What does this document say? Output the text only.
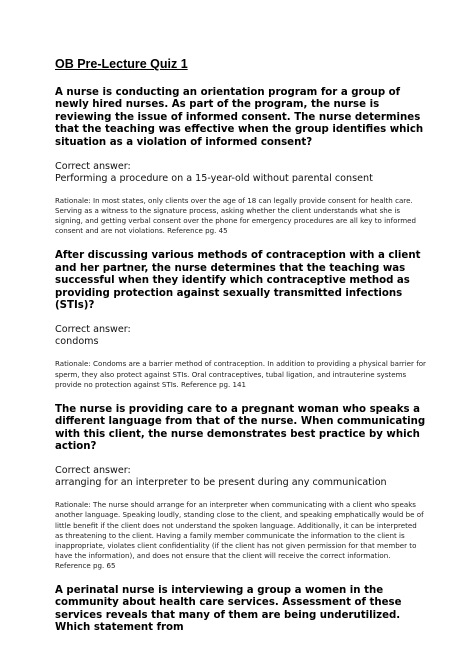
OB Pre-Lecture Quiz 1

A nurse is conducting an orientation program for a group of newly hired nurses. As part of the program, the nurse is reviewing the issue of informed consent. The nurse determines that the teaching was effective when the group identifies which situation as a violation of informed consent?

Correct answer:

Performing a procedure on a 15-year-old without parental consent

Rationale: In most states, only clients over the age of 18 can legally provide consent for health care. Serving as a witness to the signature process, asking whether the client understands what she is signing, and getting verbal consent over the phone for emergency procedures are all key to informed consent and are not violations. Reference pg. 45

After discussing various methods of contraception with a client and her partner, the nurse determines that the teaching was successful when they identify which contraceptive method as providing protection against sexually transmitted infections (STIs)?

Correct answer:

condoms

Rationale: Condoms are a barrier method of contraception. In addition to providing a physical barrier for sperm, they also protect against STIs. Oral contraceptives, tubal ligation, and intrauterine systems provide no protection against STIs. Reference pg. 141

The nurse is providing care to a pregnant woman who speaks a different language from that of the nurse. When communicating with this client, the nurse demonstrates best practice by which action?

Correct answer:

arranging for an interpreter to be present during any communication

Rationale: The nurse should arrange for an interpreter when communicating with a client who speaks another language. Speaking loudly, standing close to the client, and speaking emphatically would be of little benefit if the client does not understand the spoken language. Additionally, it can be interpreted as threatening to the client. Having a family member communicate the information to the client is inappropriate, violates client confidentiality (if the client has not given permission for that member to have the information), and does not ensure that the client will receive the correct information. Reference pg. 65

A perinatal nurse is interviewing a group a women in the community about health care services. Assessment of these services reveals that many of them are being underutilized. Which statement from
